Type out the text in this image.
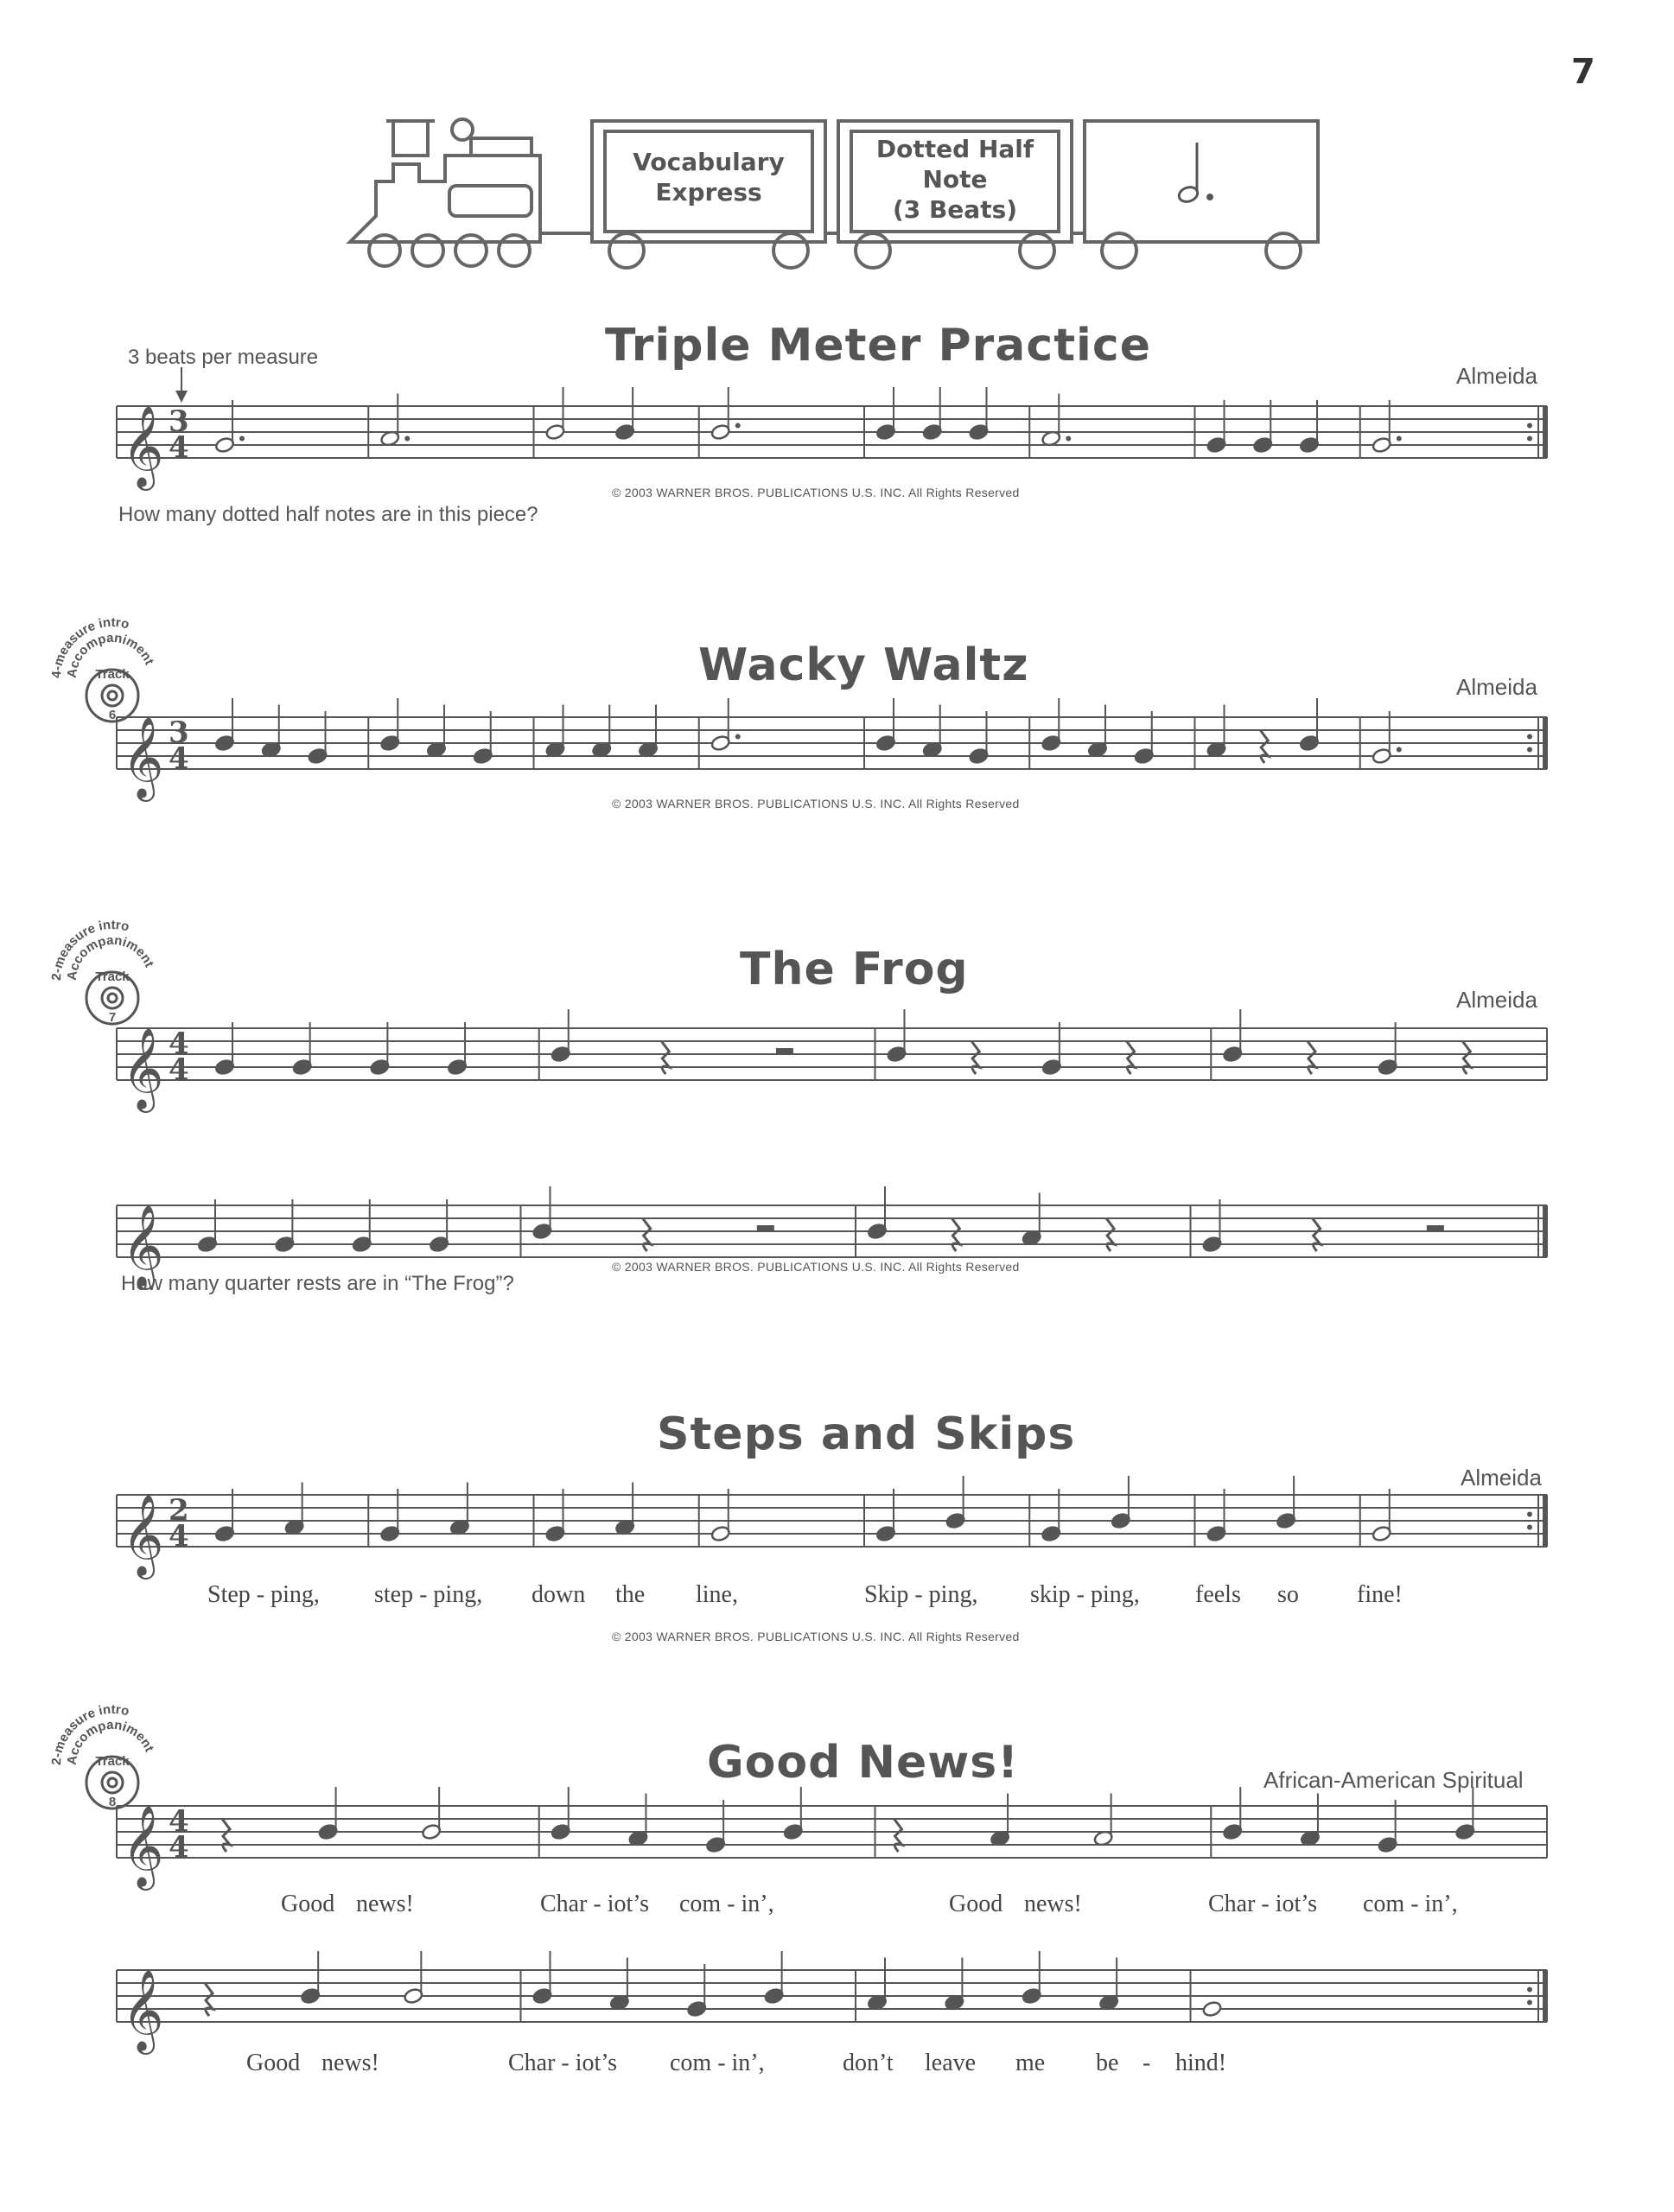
7
Vocabulary
Express
Dotted Half
Note
(3 Beats)
Triple Meter Practice
Almeida
3 beats per measure
How many dotted half notes are in this piece?
© 2003 WARNER BROS. PUBLICATIONS U.S. INC. All Rights Reserved
Wacky Waltz	Almeida
© 2003 WARNER BROS. PUBLICATIONS U.S. INC. All Rights Reserved
The Frog
Almeida
© 2003 WARNER BROS. PUBLICATIONS U.S. INC. All Rights Reserved
How many quarter rests are in “The Frog”?
Steps and Skips
Almeida
© 2003 WARNER BROS. PUBLICATIONS U.S. INC. All Rights Reserved
Step - ping, step - ping, down the line,	Skip - ping, skip - ping, feels so fine!
Good News!	African-American Spiritual
Good news!	Char - iot’s com - in’,	Good news!	Char - iot’s com - in’,
Good news!	Char - iot’s com - in’,	don’t leave me be - hind!
4-measure intro
Accompaniment
Track
6
2-measure intro
Accompaniment
Track
7
2-measure intro
Accompaniment
Track
8
𝄞 3
4
𝄞 3
4
𝄞 4
4
𝄞
𝄞 2
4
𝄞 4
4
𝄞
